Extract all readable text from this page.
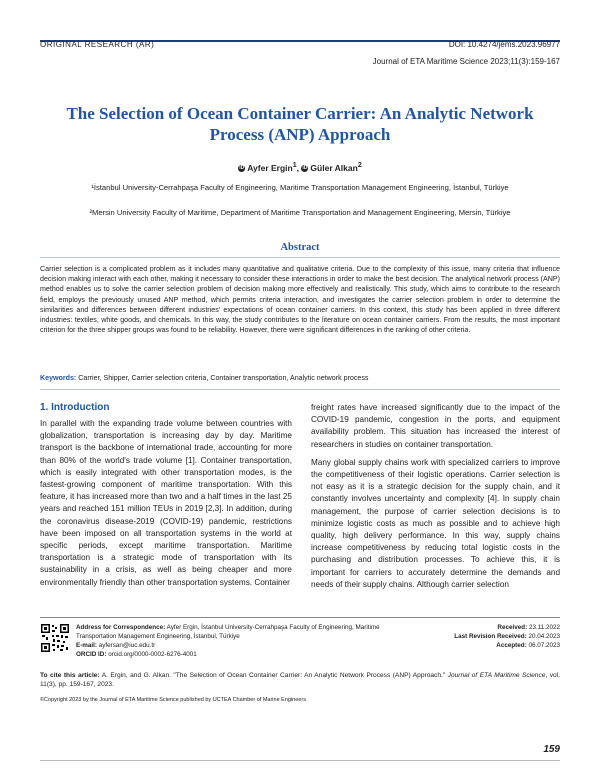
ORIGINAL RESEARCH (AR)	DOI: 10.4274/jems.2023.96977
Journal of ETA Maritime Science 2023;11(3):159-167
The Selection of Ocean Container Carrier: An Analytic Network Process (ANP) Approach
iD Ayfer Ergin$^1$, iD Güler Alkan$^2$
¹İstanbul University-Cerrahpaşa Faculty of Engineering, Maritime Transportation Management Engineering, İstanbul, Türkiye
²Mersin University Faculty of Maritime, Department of Maritime Transportation and Management Engineering, Mersin, Türkiye
Abstract

Carrier selection is a complicated problem as it includes many quantitative and qualitative criteria. Due to the complexity of this issue, many criteria that influence decision making interact with each other, making it necessary to consider these interactions in order to make the best decision. The analytical network process (ANP) method enables us to solve the carrier selection problem of decision making more effectively and realistically. This study, which aims to contribute to the research field, employs the previously unused ANP method, which permits criteria interaction, and investigates the carrier selection problem in order to determine the similarities and differences between different industries' expectations of ocean container carriers. In this context, this study has been applied in three different industries: textiles, white goods, and chemicals. In this way, the study contributes to the literature on ocean container carriers. From the results, the most important criterion for the three shipper groups was found to be reliability. However, there were significant differences in the ranking of other criteria.

Keywords: Carrier, Shipper, Carrier selection criteria, Container transportation, Analytic network process
1. Introduction

In parallel with the expanding trade volume between countries with globalization, transportation is increasing day by day. Maritime transport is the backbone of international trade, accounting for more than 80% of the world's trade volume [1]. Container transportation, which is easily integrated with other transportation modes, is the fastest-growing component of maritime transportation. With this feature, it has increased more than two and a half times in the last 25 years and reached 151 million TEUs in 2019 [2,3]. In addition, during the coronavirus disease-2019 (COVID-19) pandemic, restrictions have been imposed on all transportation systems in the world at specific periods, except maritime transportation. Maritime transportation is a strategic mode of transportation with its sustainability in a crisis, as well as being cheaper and more environmentally friendly than other transportation systems. Container

freight rates have increased significantly due to the impact of the COVID-19 pandemic, congestion in the ports, and equipment availability problem. This situation has increased the interest of researchers in studies on container transportation.

Many global supply chains work with specialized carriers to improve the competitiveness of their logistic operations. Carrier selection is not easy as it is a strategic decision for the supply chain, and it constantly involves uncertainty and complexity [4]. In supply chain management, the purpose of carrier selection decisions is to minimize logistic costs as much as possible and to achieve high quality, high delivery performance. In this way, supply chains increase competitiveness by reducing total logistic costs in the purchasing and distribution processes. To achieve this, it is important for carriers to accurately determine the demands and needs of their supply chains. Although carrier selection

Address for Correspondence: Ayfer Ergin, İstanbul University-Cerrahpaşa Faculty of Engineering, Maritime Transportation Management Engineering, İstanbul, Türkiye
E-mail: ayfersan@iuc.edu.tr
ORCID ID: orcid.org/0000-0002-6276-4001
Received: 23.11.2022
Last Revision Received: 20.04.2023
Accepted: 06.07.2023
To cite this article: A. Ergin, and G. Alkan. "The Selection of Ocean Container Carrier: An Analytic Network Process (ANP) Approach." Journal of ETA Maritime Science, vol. 11(3), pp. 159-167, 2023.
©Copyright 2023 by the Journal of ETA Maritime Science published by UCTEA Chamber of Marine Engineers
159
